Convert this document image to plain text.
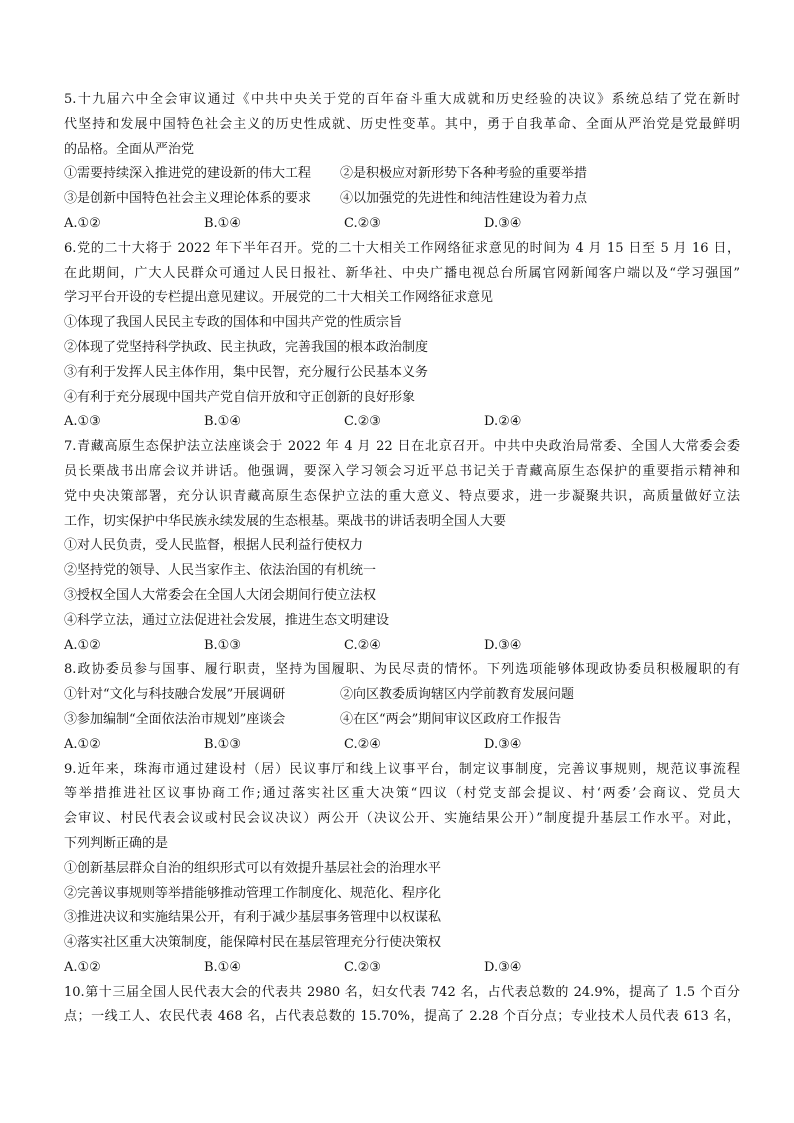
5.十九届六中全会审议通过《中共中央关于党的百年奋斗重大成就和历史经验的决议》系统总结了党在新时

代坚持和发展中国特色社会主义的历史性成就、历史性变革。其中，勇于自我革命、全面从严治党是党最鲜明

的品格。全面从严治党

①需要持续深入推进党的建设新的伟大工程	②是积极应对新形势下各种考验的重要举措
③是创新中国特色社会主义理论体系的要求	④以加强党的先进性和纯洁性建设为着力点
A.①②	B.①④	C.②③	D.③④

6.党的二十大将于 2022 年下半年召开。党的二十大相关工作网络征求意见的时间为 4 月 15 日至 5 月 16 日，

在此期间，广大人民群众可通过人民日报社、新华社、中央广播电视总台所属官网新闻客户端以及“学习强国”

学习平台开设的专栏提出意见建议。开展党的二十大相关工作网络征求意见

①体现了我国人民民主专政的国体和中国共产党的性质宗旨

②体现了党坚持科学执政、民主执政，完善我国的根本政治制度

③有利于发挥人民主体作用，集中民智，充分履行公民基本义务

④有利于充分展现中国共产党自信开放和守正创新的良好形象

A.①③	B.①④	C.②③	D.②④

7.青藏高原生态保护法立法座谈会于 2022 年 4 月 22 日在北京召开。中共中央政治局常委、全国人大常委会委

员长栗战书出席会议并讲话。他强调，要深入学习领会习近平总书记关于青藏高原生态保护的重要指示精神和

党中央决策部署，充分认识青藏高原生态保护立法的重大意义、特点要求，进一步凝聚共识，高质量做好立法

工作，切实保护中华民族永续发展的生态根基。栗战书的讲话表明全国人大要

①对人民负责，受人民监督，根据人民利益行使权力

②坚持党的领导、人民当家作主、依法治国的有机统一

③授权全国人大常委会在全国人大闭会期间行使立法权

④科学立法，通过立法促进社会发展，推进生态文明建设

A.①②	B.①③	C.②④	D.③④

8.政协委员参与国事、履行职责，坚持为国履职、为民尽责的情怀。下列选项能够体现政协委员积极履职的有

①针对“文化与科技融合发展”开展调研	②向区教委质询辖区内学前教育发展问题
③参加编制“全面依法治市规划”座谈会	④在区“两会”期间审议区政府工作报告
A.①②	B.①③	C.②④	D.③④

9.近年来，珠海市通过建设村（居）民议事厅和线上议事平台，制定议事制度，完善议事规则，规范议事流程

等举措推进社区议事协商工作;通过落实社区重大决策“四议（村党支部会提议、村‘两委’会商议、党员大

会审议、村民代表会议或村民会议决议）两公开（决议公开、实施结果公开）”制度提升基层工作水平。对此，

下列判断正确的是

①创新基层群众自治的组织形式可以有效提升基层社会的治理水平

②完善议事规则等举措能够推动管理工作制度化、规范化、程序化

③推进决议和实施结果公开，有利于减少基层事务管理中以权谋私

④落实社区重大决策制度，能保障村民在基层管理充分行使决策权

A.①②	B.①④	C.②③	D.③④

10.第十三届全国人民代表大会的代表共 2980 名，妇女代表 742 名，占代表总数的 24.9%，提高了 1.5 个百分

点；一线工人、农民代表 468 名，占代表总数的 15.70%，提高了 2.28 个百分点；专业技术人员代表 613 名，
